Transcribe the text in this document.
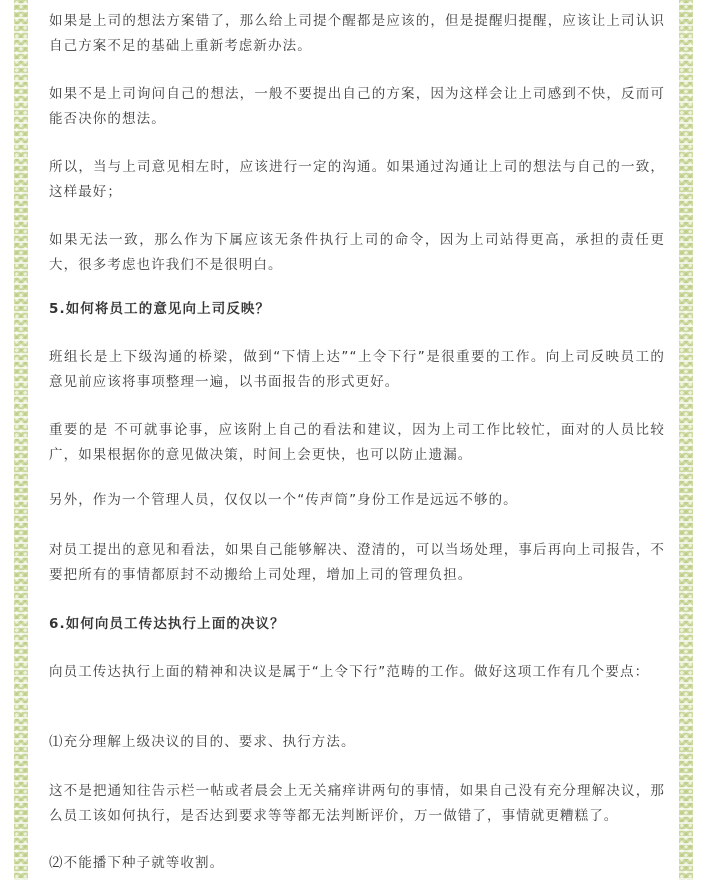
如果是上司的想法方案错了，那么给上司提个醒都是应该的，但是提醒归提醒，应该让上司认识自己方案不足的基础上重新考虑新办法。

如果不是上司询问自己的想法，一般不要提出自己的方案，因为这样会让上司感到不快，反而可能否决你的想法。

所以，当与上司意见相左时，应该进行一定的沟通。如果通过沟通让上司的想法与自己的一致，这样最好；

如果无法一致，那么作为下属应该无条件执行上司的命令，因为上司站得更高，承担的责任更大，很多考虑也许我们不是很明白。

5.如何将员工的意见向上司反映？

班组长是上下级沟通的桥梁，做到“下情上达”“上令下行”是很重要的工作。向上司反映员工的意见前应该将事项整理一遍，以书面报告的形式更好。

重要的是 不可就事论事，应该附上自己的看法和建议，因为上司工作比较忙，面对的人员比较广，如果根据你的意见做决策，时间上会更快，也可以防止遗漏。

另外，作为一个管理人员，仅仅以一个“传声筒”身份工作是远远不够的。

对员工提出的意见和看法，如果自己能够解决、澄清的，可以当场处理，事后再向上司报告，不要把所有的事情都原封不动搬给上司处理，增加上司的管理负担。

6.如何向员工传达执行上面的决议？

向员工传达执行上面的精神和决议是属于“上令下行”范畴的工作。做好这项工作有几个要点：

⑴充分理解上级决议的目的、要求、执行方法。

这不是把通知往告示栏一帖或者晨会上无关痛痒讲两句的事情，如果自己没有充分理解决议，那么员工该如何执行，是否达到要求等等都无法判断评价，万一做错了，事情就更糟糕了。

⑵不能播下种子就等收割。
